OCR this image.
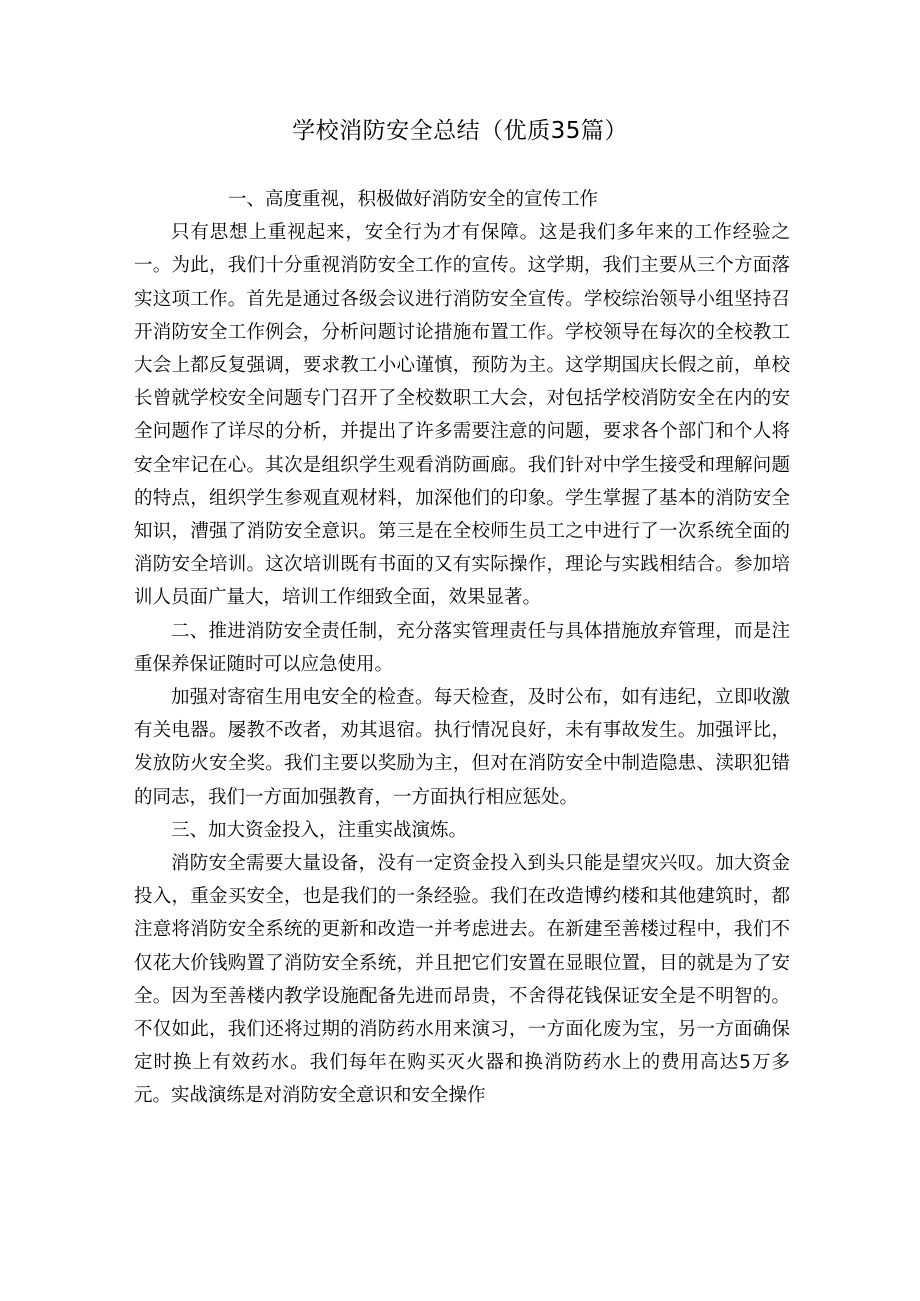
学校消防安全总结（优质35篇）

一、高度重视，积极做好消防安全的宣传工作

只有思想上重视起来，安全行为才有保障。这是我们多年来的工作经验之一。为此，我们十分重视消防安全工作的宣传。这学期，我们主要从三个方面落实这项工作。首先是通过各级会议进行消防安全宣传。学校综治领导小组坚持召开消防安全工作例会，分析问题讨论措施布置工作。学校领导在每次的全校教工大会上都反复强调，要求教工小心谨慎，预防为主。这学期国庆长假之前，单校长曾就学校安全问题专门召开了全校数职工大会，对包括学校消防安全在内的安全问题作了详尽的分析，并提出了许多需要注意的问题，要求各个部门和个人将安全牢记在心。其次是组织学生观看消防画廊。我们针对中学生接受和理解问题的特点，组织学生参观直观材料，加深他们的印象。学生掌握了基本的消防安全知识，漕强了消防安全意识。第三是在全校师生员工之中进行了一次系统全面的消防安全培训。这次培训既有书面的又有实际操作，理论与实践相结合。参加培训人员面广量大，培训工作细致全面，效果显著。

二、推进消防安全责任制，充分落实管理责任与具体措施放弃管理，而是注重保养保证随时可以应急使用。

加强对寄宿生用电安全的检查。每天检查，及时公布，如有违纪，立即收激有关电器。屡教不改者，劝其退宿。执行情况良好，未有事故发生。加强评比，发放防火安全奖。我们主要以奖励为主，但对在消防安全中制造隐患、渎职犯错的同志，我们一方面加强教育，一方面执行相应惩处。

三、加大资金投入，注重实战演炼。

消防安全需要大量设备，没有一定资金投入到头只能是望灾兴叹。加大资金投入，重金买安全，也是我们的一条经验。我们在改造博约楼和其他建筑时，都注意将消防安全系统的更新和改造一并考虑进去。在新建至善楼过程中，我们不仅花大价钱购置了消防安全系统，并且把它们安置在显眼位置，目的就是为了安全。因为至善楼内教学设施配备先进而昂贵，不舍得花钱保证安全是不明智的。不仅如此，我们还将过期的消防药水用来演习，一方面化废为宝，另一方面确保定时换上有效药水。我们每年在购买灭火器和换消防药水上的费用高达5万多元。实战演练是对消防安全意识和安全操作
